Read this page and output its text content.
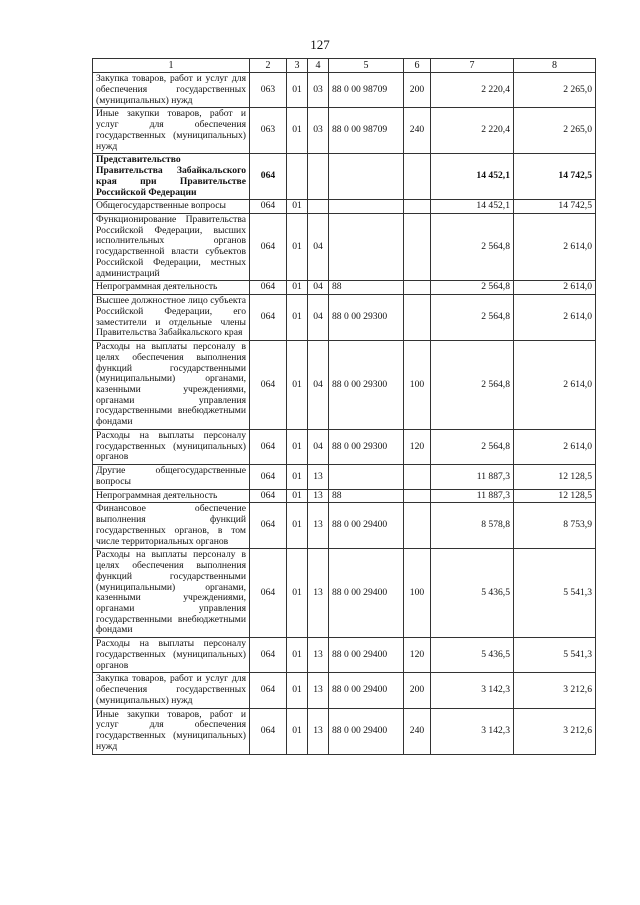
127
1	2	3	4	5	6	7	8
Закупка товаров, работ и услуг для обеспечения государственных (муниципальных) нужд	063	01	03	88 0 00 98709	200	2 220,4	2 265,0
Иные закупки товаров, работ и услуг для обеспечения государственных (муниципальных) нужд	063	01	03	88 0 00 98709	240	2 220,4	2 265,0
Представительство Правительства Забайкальского края при Правительстве Российской Федерации	064					14 452,1	14 742,5
Общегосударственные вопросы	064	01				14 452,1	14 742,5
Функционирование Правительства Российской Федерации, высших исполнительных органов государственной власти субъектов Российской Федерации, местных администраций	064	01	04			2 564,8	2 614,0
Непрограммная деятельность	064	01	04	88		2 564,8	2 614,0
Высшее должностное лицо субъекта Российской Федерации, его заместители и отдельные члены Правительства Забайкальского края	064	01	04	88 0 00 29300		2 564,8	2 614,0
Расходы на выплаты персоналу в целях обеспечения выполнения функций государственными (муниципальными) органами, казенными учреждениями, органами управления государственными внебюджетными фондами	064	01	04	88 0 00 29300	100	2 564,8	2 614,0
Расходы на выплаты персоналу государственных (муниципальных) органов	064	01	04	88 0 00 29300	120	2 564,8	2 614,0
Другие общегосударственные вопросы	064	01	13			11 887,3	12 128,5
Непрограммная деятельность	064	01	13	88		11 887,3	12 128,5
Финансовое обеспечение выполнения функций государственных органов, в том числе территориальных органов	064	01	13	88 0 00 29400		8 578,8	8 753,9
Расходы на выплаты персоналу в целях обеспечения выполнения функций государственными (муниципальными) органами, казенными учреждениями, органами управления государственными внебюджетными фондами	064	01	13	88 0 00 29400	100	5 436,5	5 541,3
Расходы на выплаты персоналу государственных (муниципальных) органов	064	01	13	88 0 00 29400	120	5 436,5	5 541,3
Закупка товаров, работ и услуг для обеспечения государственных (муниципальных) нужд	064	01	13	88 0 00 29400	200	3 142,3	3 212,6
Иные закупки товаров, работ и услуг для обеспечения государственных (муниципальных) нужд	064	01	13	88 0 00 29400	240	3 142,3	3 212,6
